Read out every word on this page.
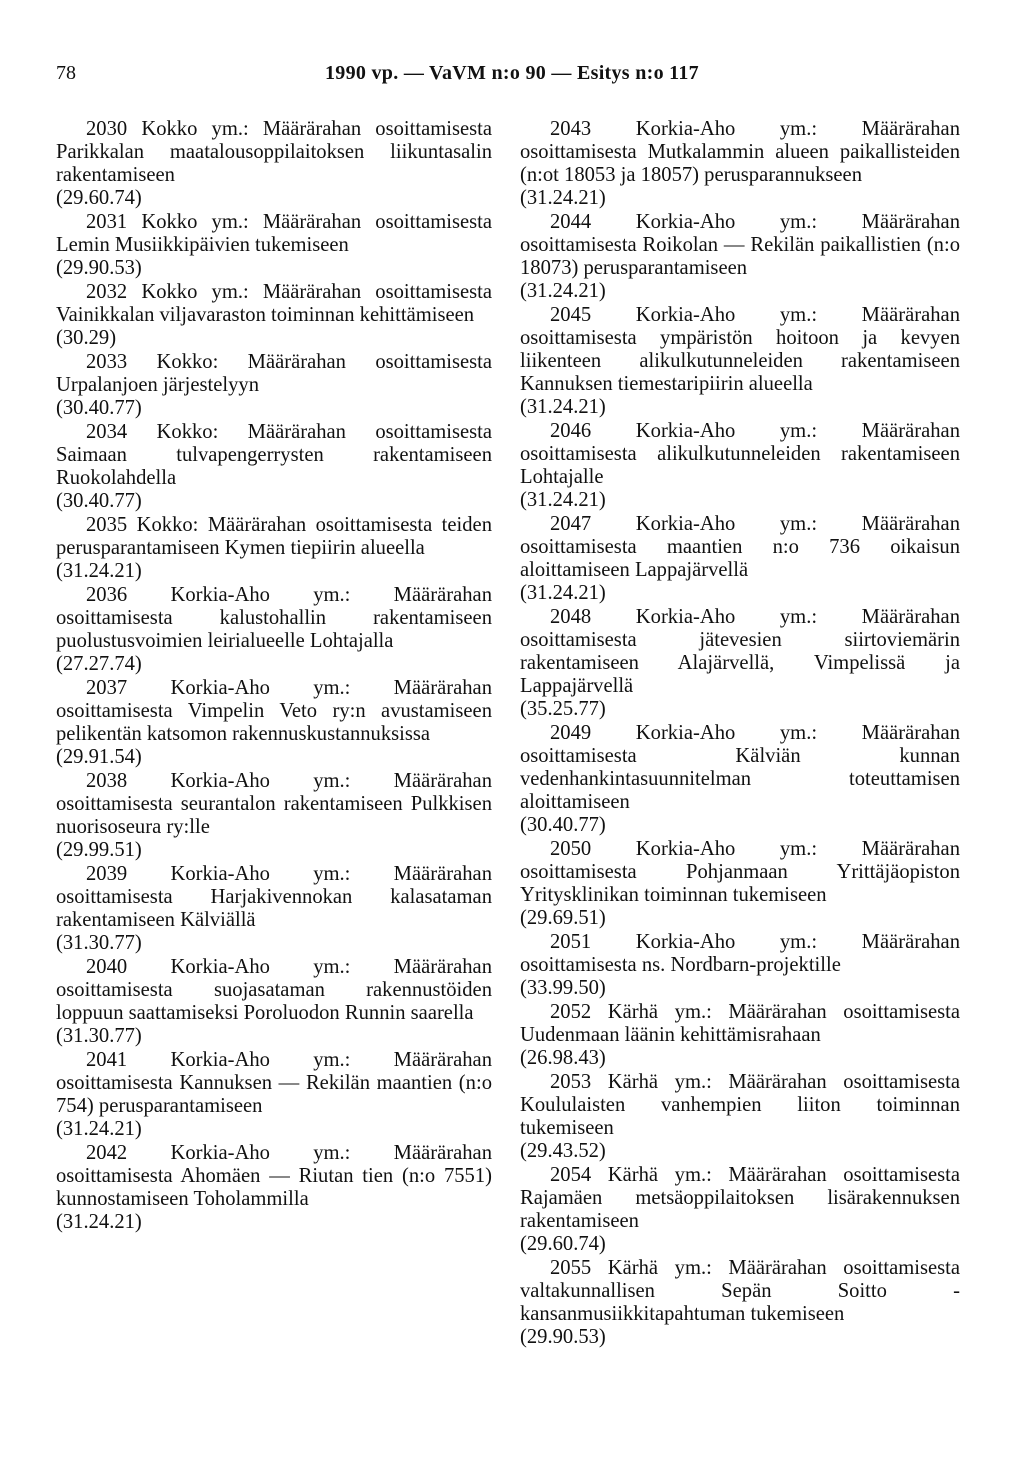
78	1990 vp. — VaVM n:o 90 — Esitys n:o 117

2030 Kokko ym.: Määrärahan osoittamisesta Parikkalan maatalousoppilaitoksen liikuntasalin rakentamiseen

(29.60.74)

2031 Kokko ym.: Määrärahan osoittamisesta Lemin Musiikkipäivien tukemiseen

(29.90.53)

2032 Kokko ym.: Määrärahan osoittamisesta Vainikkalan viljavaraston toiminnan kehittämiseen

(30.29)

2033 Kokko: Määrärahan osoittamisesta Urpalanjoen järjestelyyn

(30.40.77)

2034 Kokko: Määrärahan osoittamisesta Saimaan tulvapengerrysten rakentamiseen Ruokolahdella

(30.40.77)

2035 Kokko: Määrärahan osoittamisesta teiden perusparantamiseen Kymen tiepiirin alueella

(31.24.21)

2036 Korkia-Aho ym.: Määrärahan osoittamisesta kalustohallin rakentamiseen puolustusvoimien leirialueelle Lohtajalla

(27.27.74)

2037 Korkia-Aho ym.: Määrärahan osoittamisesta Vimpelin Veto ry:n avustamiseen pelikentän katsomon rakennuskustannuksissa

(29.91.54)

2038 Korkia-Aho ym.: Määrärahan osoittamisesta seurantalon rakentamiseen Pulkkisen nuorisoseura ry:lle

(29.99.51)

2039 Korkia-Aho ym.: Määrärahan osoittamisesta Harjakivennokan kalasataman rakentamiseen Kälviällä

(31.30.77)

2040 Korkia-Aho ym.: Määrärahan osoittamisesta suojasataman rakennustöiden loppuun saattamiseksi Poroluodon Runnin saarella

(31.30.77)

2041 Korkia-Aho ym.: Määrärahan osoittamisesta Kannuksen — Rekilän maantien (n:o 754) perusparantamiseen

(31.24.21)

2042 Korkia-Aho ym.: Määrärahan osoittamisesta Ahomäen — Riutan tien (n:o 7551) kunnostamiseen Toholammilla

(31.24.21)

2043 Korkia-Aho ym.: Määrärahan osoittamisesta Mutkalammin alueen paikallisteiden (n:ot 18053 ja 18057) perusparannukseen

(31.24.21)

2044 Korkia-Aho ym.: Määrärahan osoittamisesta Roikolan — Rekilän paikallistien (n:o 18073) perusparantamiseen

(31.24.21)

2045 Korkia-Aho ym.: Määrärahan osoittamisesta ympäristön hoitoon ja kevyen liikenteen alikulkutunneleiden rakentamiseen Kannuksen tiemestaripiirin alueella

(31.24.21)

2046 Korkia-Aho ym.: Määrärahan osoittamisesta alikulkutunneleiden rakentamiseen Lohtajalle

(31.24.21)

2047 Korkia-Aho ym.: Määrärahan osoittamisesta maantien n:o 736 oikaisun aloittamiseen Lappajärvellä

(31.24.21)

2048 Korkia-Aho ym.: Määrärahan osoittamisesta jätevesien siirtoviemärin rakentamiseen Alajärvellä, Vimpelissä ja Lappajärvellä

(35.25.77)

2049 Korkia-Aho ym.: Määrärahan osoittamisesta Kälviän kunnan vedenhankintasuunnitelman toteuttamisen aloittamiseen

(30.40.77)

2050 Korkia-Aho ym.: Määrärahan osoittamisesta Pohjanmaan Yrittäjäopiston Yritysklinikan toiminnan tukemiseen

(29.69.51)

2051 Korkia-Aho ym.: Määrärahan osoittamisesta ns. Nordbarn-projektille

(33.99.50)

2052 Kärhä ym.: Määrärahan osoittamisesta Uudenmaan läänin kehittämisrahaan

(26.98.43)

2053 Kärhä ym.: Määrärahan osoittamisesta Koululaisten vanhempien liiton toiminnan tukemiseen

(29.43.52)

2054 Kärhä ym.: Määrärahan osoittamisesta Rajamäen metsäoppilaitoksen lisärakennuksen rakentamiseen

(29.60.74)

2055 Kärhä ym.: Määrärahan osoittamisesta valtakunnallisen Sepän Soitto -kansanmusiikkitapahtuman tukemiseen

(29.90.53)
